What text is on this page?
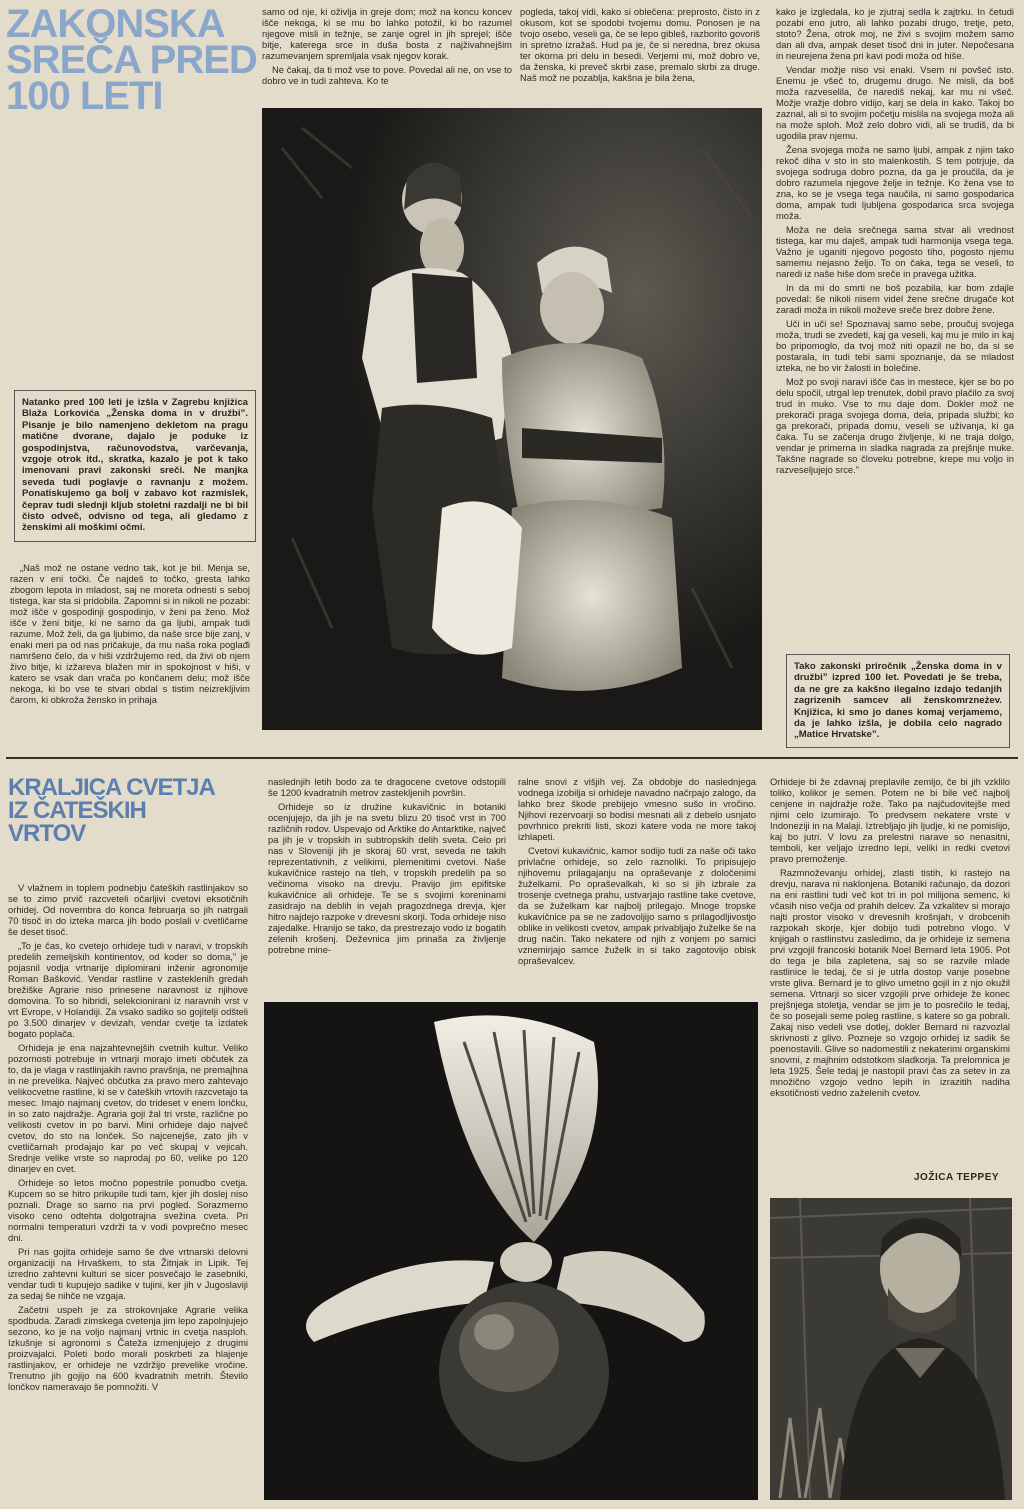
ZAKONSKA
SREČA PRED
100 LETI
Natanko pred 100 leti je izšla v Zagrebu knjižica Blaža Lorkovića „Ženska doma in v družbi”. Pisanje je bilo namenjeno dekletom na pragu matične dvorane, dajalo je poduke iz gospodinjstva, računovodstva, varčevanja, vzgoje otrok itd., skratka, kazalo je pot k tako imenovani pravi zakonski sreči. Ne manjka seveda tudi poglavje o ravnanju z možem. Ponatiskujemo ga bolj v zabavo kot razmislek, čeprav tudi slednji kljub stoletni razdalji ne bi bil čisto odveč, odvisno od tega, ali gledamo z ženskimi ali moškimi očmi.

„Naš mož ne ostane vedno tak, kot je bil. Menja se, razen v eni točki. Če najdeš to točko, gresta lahko zbogom lepota in mladost, saj ne moreta odnesti s seboj tistega, kar sta si pridobila. Zapomni si in nikoli ne pozabi: mož išče v gospodinji gospodinjo, v ženi pa ženo. Mož išče v ženi bitje, ki ne samo da ga ljubi, ampak tudi razume. Mož želi, da ga ljubimo, da naše srce bije zanj, v enaki meri pa od nas pričakuje, da mu naša roka poglađi namršeno čelo, da v hiši vzdržujemo red, da živi ob njem živo bitje, ki izžareva blažen mir in spokojnost v hiši, v katero se vsak dan vrača po končanem delu; mož išče nekoga, ki bo vse te stvari obdal s tistim neizreklјivim čarom, ki obkroža žensko in prihaja

samo od nje, ki oživlja in greje dom; mož na koncu koncev išče nekoga, ki se mu bo lahko potožil, ki bo razumel njegove misli in težnje, se zanje ogrel in jih sprejel; išče bitje, katerega srce in duša bosta z najživahnejšim razumevanjem spremljala vsak njegov korak.

Ne čakaj, da ti mož vse to pove. Povedal ali ne, on vse to dobro ve in tudi zahteva. Ko te

pogleda, takoj vidi, kako si oblečena: preprosto, čisto in z okusom, kot se spodobi tvojemu domu. Ponosen je na tvojo osebo, veseli ga, če se lepo gibleš, razborito govoriš in spretno izražaš. Hud pa je, če si neredna, brez okusa ter okorna pri delu in besedi. Verjemi mi, mož dobro ve, da ženska, ki preveč skrbi zase, premalo skrbi za druge. Naš mož ne pozablja, kakšna je bila žena,

kako je izgledala, ko je zjutraj sedla k zajtrku. In četudi pozabi eno jutro, ali lahko pozabi drugo, tretje, peto, stoto? Žena, otrok moj, ne živi s svojim možem samo dan ali dva, ampak deset tisoč dni in juter. Nepočesana in neurejena žena pri kavi podi moža od hiše.

Vendar možje niso vsi enaki. Vsem ni povšeč isto. Enemu je všeč to, drugemu drugo. Ne misli, da boš moža razveselila, če narediš nekaj, kar mu ni všeč. Možje vražje dobro vidijo, karj se dela in kako. Takoj bo zaznal, ali si to svojim početju mislila na svojega moža ali na može sploh. Mož zelo dobro vidi, ali se trudiš, da bi ugodila prav njemu.

Žena svojega moža ne samo ljubi, ampak z njim tako rekoč diha v sto in sto malenkostih. S tem potrjuje, da svojega sodruga dobro pozna, da ga je proučila, da je dobro razumela njegove želje in težnje. Ko žena vse to zna, ko se je vsega tega naučila, ni samo gospodarica doma, ampak tudi ljubljena gospodarica srca svojega moža.

Moža ne dela srečnega sama stvar ali vrednost tistega, kar mu daješ, ampak tudi harmonija vsega tega. Važno je uganiti njegovo pogosto tiho, pogosto njemu samemu nejasno željo. To on čaka, tega se veseli, to naredi iz naše hiše dom sreče in pravega užitka.

In da mi do smrti ne boš pozabila, kar bom zdajle povedal: še nikoli nisem videl žene srečne drugače kot zaradi moža in nikoli moževe sreče brez dobre žene.

Uči in uči se! Spoznavaj samo sebe, proučuj svojega moža, trudi se zvedeti, kaj ga veseli, kaj mu je milo in kaj bo pripomoglo, da tvoj mož niti opazil ne bo, da si se postarala, in tudi tebi sami spoznanje, da se mladost izteka, ne bo vir žalosti in bolečine.

Mož po svoji naravi išče čas in mestece, kjer se bo po delu spočil, utrgal lep trenutek, dobil pravo plačilo za svoj trud in muko. Vse to mu daje dom. Dokler mož ne prekorači praga svojega doma, dela, pripada službi; ko ga prekorači, pripada domu, veseli se uživanja, ki ga čaka. Tu se začenja drugo življenje, ki ne traja dolgo, vendar je primerna in sladka nagrada za prejšnje muke. Takšne nagrade so človeku potrebne, krepe mu voljo in razveseljujejo srce.”

Tako zakonski priročnik „Ženska doma in v družbi” izpred 100 let. Povedati je še treba, da ne gre za kakšno ilegalno izdajo tedanjih zagrizenih samcev ali ženskomrzneżev. Knjižica, ki smo jo danes komaj verjamemo, da je lahko izšla, je dobila celo nagrado „Matice Hrvatske”.
KRALJICA CVETJA
IZ ČATEŠKIH
VRTOV

V vlažnem in toplem podnebju čateških rastlinjakov so se to zimo prvič razcveteli očarljivi cvetovi eksotičnih orhidej. Od novembra do konca februarja so jih natrgali 70 tisoč in do izteka marca jih bodo poslali v cvetličarne še deset tisoč.

„To je čas, ko cvetejo orhideje tudi v naravi, v tropskih predelih zemeljskih kontinentov, od koder so doma,” je pojasnil vodja vrtnarije diplomirani inženir agronomije Roman Bašković. Vendar rastline v zasteklenih gredah brežiške Agrarie niso prinesene naravnost iz njihove domovina. To so hibridi, selekcionirani iz naravnih vrst v vrt Evrope, v Holandiji. Za vsako sadiko so gojitelji odšteli po 3.500 dinarjev v devizah, vendar cvetje ta izdatek bogato poplača.

Orhideja je ena najzahtevnejših cvetnih kultur. Veliko pozornosti potrebuje in vrtnarji morajo imeti občutek za to, da je vlaga v rastlinjakih ravno pravšnja, ne premajhna in ne prevelika. Najveć občutka za pravo mero zahtevajo velikocvetne rastline, ki se v čateških vrtovih razcvetajo ta mesec. Imajo najmanj cvetov, do trideset v enem lončku, in so zato najdražje. Agraria goji žal tri vrste, različne po velikosti cvetov in po barvi. Mini orhideje dajo največ cvetov, do sto na lonček. So najcenejše, zato jih v cvetličarnah prodajajo kar po več skupaj v vejicah. Srednje velike vrste so naprodaj po 60, velike po 120 dinarjev en cvet.

Orhideje so letos močno popestrile ponudbo cvetja. Kupcem so se hitro prikupile tudi tam, kjer jih doslej niso poznali. Drage so samo na prvi pogled. Sorazmerno visoko ceno odtehta dolgotrajna svežina cveta. Pri normalni temperaturi vzdrži ta v vodi povprečno mesec dni.

Pri nas gojita orhideje samo še dve vrtnarski delovni organizaciji na Hrvaškem, to sta Žitnjak in Lipik. Tej izredno zahtevni kulturi se sicer posvečajo le zasebniki, vendar tudi ti kupujejo sadike v tujini, ker jih v Jugoslaviji za sedaj še nihče ne vzgaja.

Začetni uspeh je za strokovnjake Agrarie velika spodbuda. Zaradi zimskega cvetenja jim lepo zapolnjujejo sezono, ko je na voljo najmanj vrtnic in cvetja nasploh. Izkušnje si agronomi s Čateža izmenjujejo z drugimi proizvajalci. Poleti bodo morali poskrbeti za hlajenje rastlinjakov, er orhideje ne vzdržijo prevelike vročine. Trenutno jih gojijo na 600 kvadratnih metrih. Število lončkov nameravajo še pomnožiti. V

naslednjih letih bodo za te dragocene cvetove odstopili še 1200 kvadratnih metrov zastekljenih površin.

Orhideje so iz družine kukavičnic in botaniki ocenjujejo, da jih je na svetu blizu 20 tisoč vrst in 700 različnih rodov. Uspevajo od Arktike do Antarktike, največ pa jih je v tropskih in subtropskih delih sveta. Celo pri nas v Sloveniji jih je skoraj 60 vrst, seveda ne takih reprezentativnih, z velikimi, plemenitimi cvetovi. Naše kukavičnice rastejo na tleh, v tropskih predelih pa so večinoma visoko na drevju. Pravijo jim epifitske kukavičnice ali orhideje. Te se s svojimi koreninami zasidrajo na deblih in vejah pragozdnega drevja, kjer hitro najdejo razpoke v drevesni skorji. Toda orhideje niso zajedalke. Hranijo se tako, da prestrezajo vodo iz bogatih zelenih krošenj. Deževnica jim prinaša za življenje potrebne mine-

ralne snovi z višjih vej. Za obdobje do naslednjega vodnega izobilja si orhideje navadno načrpajo zalogo, da lahko brez škode prebijejo vmesno sušo in vročino. Njihovi rezervoarji so bodisi mesnati ali z debelo usnjato povrhnico prekriti listi, skozi katere voda ne more takoj izhlapeti.

Cvetovi kukavičnic, kamor sodijo tudi za naše oči tako privlačne orhideje, so zelo raznoliki. To pripisujejo njihovemu prilagajanju na opraševanje z določenimi žuželkami. Po opraševalkah, ki so si jih izbrale za trosenje cvetnega prahu, ustvarjajo rastline take cvetove, da se žuželkam kar najbolj prilegajo. Mnoge tropske kukavičnice pa se ne zadovoljijo samo s prilagodljivostjo oblike in velikosti cvetov, ampak privabljajo žuželke še na drug način. Tako nekatere od njih z vonjem po samici vznemirjajo samce žuželk in si tako zagotovijo obisk opraševalcev.

Orhideje bi že zdavnaj preplavile zemljo, če bi jih vzklilo toliko, kolikor je semen. Potem ne bi bile več najbolj cenjene in najdražje rože. Tako pa najčudovitejše med njimi celo izumirajo. To predvsem nekatere vrste v Indoneziji in na Malaji. Iztrebljajo jih ljudje, ki ne pomislijo, kaj bo jutri. V lovu za prelestni narave so nenasitni, temboli, ker veljajo izredno lepi, veliki in redki cvetovi pravo premoženje.

Razmnoževanju orhidej, zlasti tistih, ki rastejo na drevju, narava ni naklonjena. Botaniki računajo, da dozori na eni rastlini tudi več kot tri in pol milijona semenc, ki včasih niso večja od prahih delcev. Za vzkalitev si morajo najti prostor visoko v drevesnih krošnjah, v drobcenih razpokah skorje, kjer dobijo tudi potrebno vlogo. V knjigah o rastlinstvu zasledimo, da je orhideje iz semena prvi vzgojil francoski botanik Noel Bernard leta 1905. Pot do tega je bila zapletena, saj so se razvile mlade rastlinice le tedaj, če si je utrla dostop vanje posebne vrste gliva. Bernard je to glivo umetno gojil in z njo okužil semena. Vrtnarji so sicer vzgojili prve orhideje že konec prejšnjega stoletja, vendar se jim je to posrečilo le tedaj, če so posejali seme poleg rastline, s katere so ga pobrali. Zakaj niso vedeli vse dotlej, dokler Bernard ni razvozlal skrivnosti z glivo. Pozneje so vzgojo orhidej iz sadik še poenostavili. Glive so nadomestili z nekaterimi organskimi snovmi, z majhnim odstotkom sladkorja. Ta prelomnica je leta 1925. Šele tedaj je nastopil pravi čas za setev in za množično vzgojo vedno lepih in izrazitih nadiha eksotičnosti vedno zaželenih cvetov.

JOŽICA TEPPEY
